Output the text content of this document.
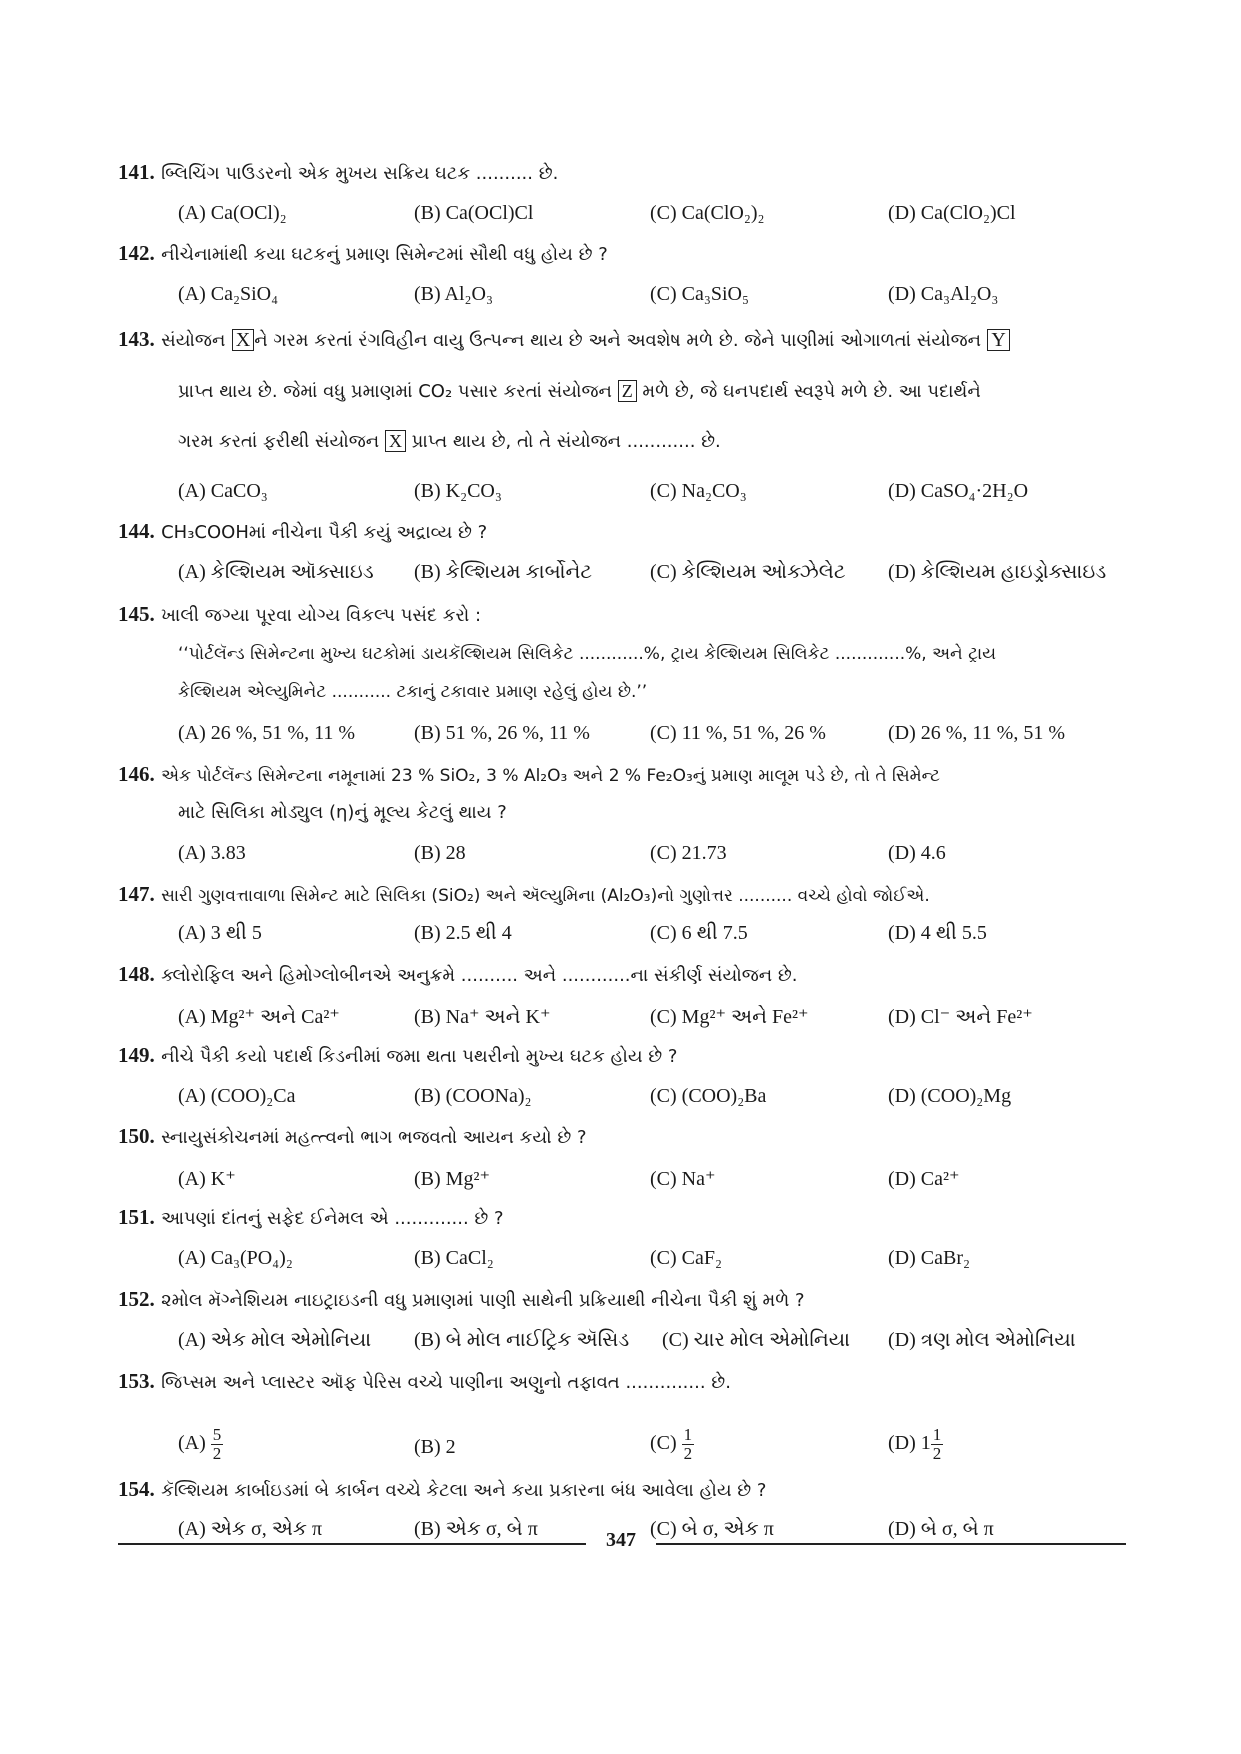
141. બ્લિચિંગ પાઉડરનો એક મુખય સક્રિય ઘટક .......... છે.
(A) Ca(OCl)₂	(B) Ca(OCl)Cl	(C) Ca(ClO₂)₂	(D) Ca(ClO₂)Cl
142. નીચેનામાંથી કયા ઘટકનું પ્રમાણ સિમેન્ટમાં સૌથી વધુ હોય છે ?
(A) Ca₂SiO₄	(B) Al₂O₃	(C) Ca₃SiO₅	(D) Ca₃Al₂O₃
143. સંયોજન X ને ગરમ કરતાં રંગવિહીન વાયુ ઉત્પન્ન થાય છે અને અવશેષ મળે છે. જેને પાણીમાં ઓગાળતાં સંયોજન Y
પ્રાપ્ત થાય છે. જેમાં વધુ પ્રમાણમાં CO₂ પસાર કરતાં સંયોજન Z મળે છે, જે ઘનપદાર્થ સ્વરૂપે મળે છે. આ પદાર્થને
ગરમ કરતાં ફરીથી સંયોજન X પ્રાપ્ત થાય છે, તો તે સંયોજન ............ છે.
(A) CaCO₃	(B) K₂CO₃	(C) Na₂CO₃	(D) CaSO₄·2H₂O
144. CH₃COOHમાં નીચેના પૈકી કયું અદ્રાવ્ય છે ?
(A) કેલ્શિયમ ઑક્સાઇડ (B) કેલ્શિયમ કાર્બોનેટ	(C) કેલ્શિયમ ઓક્ઝેલેટ (D) કેલ્શિયમ હાઇડ્રોક્સાઇડ
145. ખાલી જગ્યા પૂરવા યોગ્ય વિકલ્પ પસંદ કરો :
‘‘પોર્ટલૅન્ડ સિમેન્ટના મુખ્ય ઘટકોમાં ડાયકૅલ્શિયમ સિલિકેટ ............%, ટ્રાય કેલ્શિયમ સિલિકેટ .............%, અને ટ્રાય
કેલ્શિયમ એલ્યુમિનેટ ........... ટકાનું ટકાવાર પ્રમાણ રહેલું હોય છે.’’
(A) 26 %, 51 %, 11 %	(B) 51 %, 26 %, 11 %	(C) 11 %, 51 %, 26 %	(D) 26 %, 11 %, 51 %
146. એક પોર્ટલૅન્ડ સિમેન્ટના નમૂનામાં 23 % SiO₂, 3 % Al₂O₃ અને 2 % Fe₂O₃નું પ્રમાણ માલૂમ પડે છે, તો તે સિમેન્ટ
માટે સિલિકા મોડ્યુલ (η)નું મૂલ્ય કેટલું થાય ?
(A) 3.83	(B) 28	(C) 21.73	(D) 4.6
147. સારી ગુણવત્તાવાળા સિમેન્ટ માટે સિલિકા (SiO₂) અને ઍલ્યુમિના (Al₂O₃)નો ગુણોત્તર .......... વચ્ચે હોવો જોઈએ.
(A) 3 થી 5	(B) 2.5 થી 4	(C) 6 થી 7.5	(D) 4 થી 5.5
148. ક્લોરોફિલ અને હિમોગ્લોબીનએ અનુક્રમે .......... અને ............ના સંકીર્ણ સંયોજન છે.
(A) Mg²⁺ અને Ca²⁺	(B) Na⁺ અને K⁺	(C) Mg²⁺ અને Fe²⁺	(D) Cl⁻ અને Fe²⁺
149. નીચે પૈકી કયો પદાર્થ કિડનીમાં જમા થતા પથરીનો મુખ્ય ઘટક હોય છે ?
(A) (COO)₂Ca	(B) (COONa)₂	(C) (COO)₂Ba	(D) (COO)₂Mg
150. સ્નાયુસંકોચનમાં મહત્ત્વનો ભાગ ભજવતો આયન કયો છે ?
(A) K⁺	(B) Mg²⁺	(C) Na⁺	(D) Ca²⁺
151. આપણાં દાંતનું સફેદ ઈનેમલ એ ............. છે ?
(A) Ca₃(PO₄)₂	(B) CaCl₂	(C) CaF₂	(D) CaBr₂
152. ૨મોલ મૅગ્નેશિયમ નાઇટ્રાઇડની વધુ પ્રમાણમાં પાણી સાથેની પ્રક્રિયાથી નીચેના પૈકી શું મળે ?
(A) એક મોલ એમોનિયા (B) બે મોલ નાઈટ્રિક ઍસિડ (C) ચાર મોલ એમોનિયા (D) ત્રણ મોલ એમોનિયા
153. જિપ્સમ અને પ્લાસ્ટર ઑફ પેરિસ વચ્ચે પાણીના અણુનો તફાવત .............. છે.
$(A) \frac{5}{2}$	(B) 2	$(C) \frac{1}{2}$	(D) $1 \frac{1}{2}$
154. કૅલ્શિયમ કાર્બાઇડમાં બે કાર્બન વચ્ચે કેટલા અને કયા પ્રકારના બંધ આવેલા હોય છે ?
347
(A) એક σ, એક π	(B) એક σ, બે π	(C) બે σ, એક π	(D) બે σ, બે π
